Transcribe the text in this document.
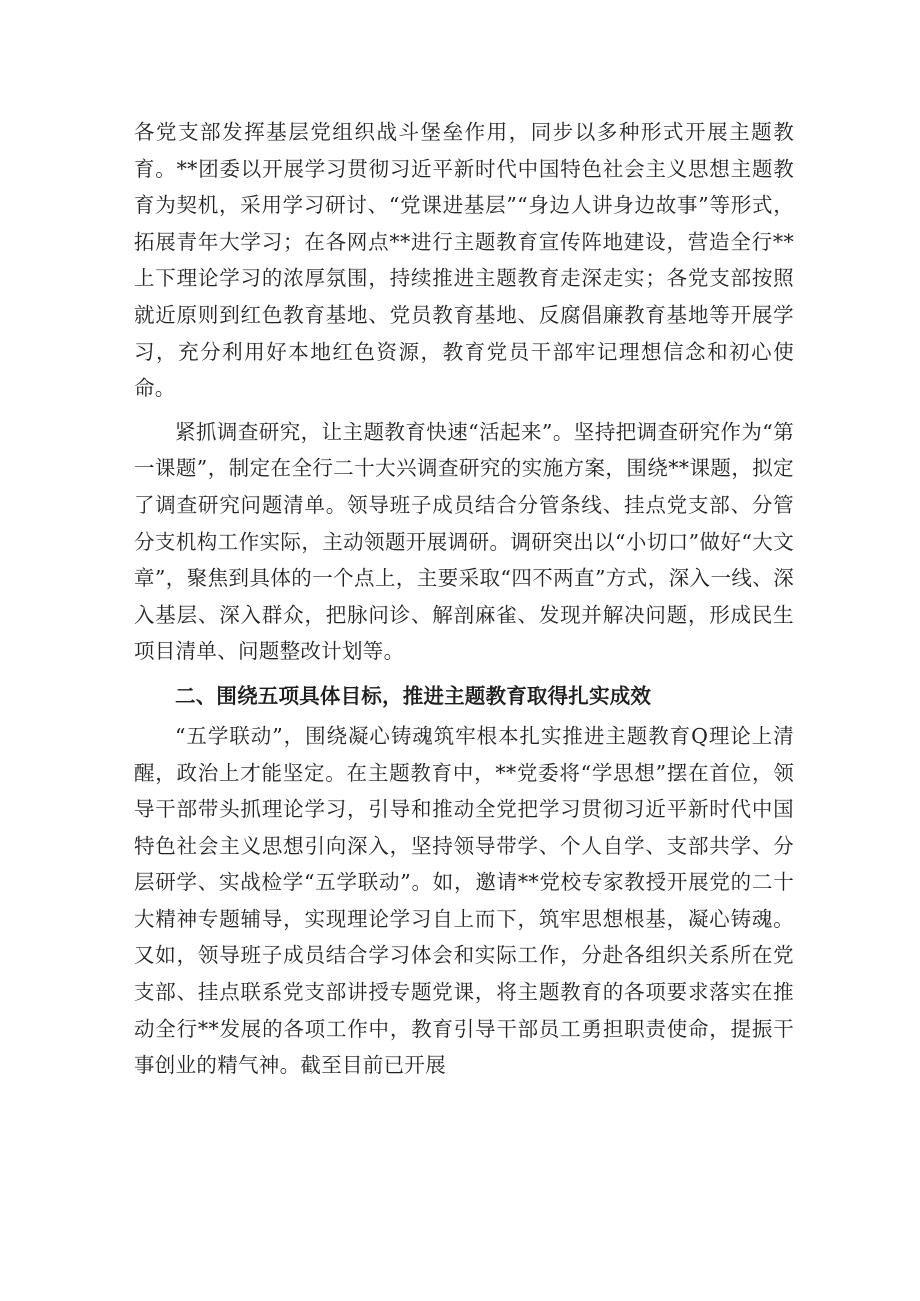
各党支部发挥基层党组织战斗堡垒作用，同步以多种形式开展主题教育。**团委以开展学习贯彻习近平新时代中国特色社会主义思想主题教育为契机，采用学习研讨、“党课进基层”“身边人讲身边故事”等形式，拓展青年大学习；在各网点**进行主题教育宣传阵地建设，营造全行**上下理论学习的浓厚氛围，持续推进主题教育走深走实；各党支部按照就近原则到红色教育基地、党员教育基地、反腐倡廉教育基地等开展学习，充分利用好本地红色资源，教育党员干部牢记理想信念和初心使命。

紧抓调查研究，让主题教育快速“活起来”。坚持把调查研究作为“第一课题”，制定在全行二十大兴调查研究的实施方案，围绕**课题，拟定了调查研究问题清单。领导班子成员结合分管条线、挂点党支部、分管分支机构工作实际，主动领题开展调研。调研突出以“小切口”做好“大文章”，聚焦到具体的一个点上，主要采取“四不两直”方式，深入一线、深入基层、深入群众，把脉问诊、解剖麻雀、发现并解决问题，形成民生项目清单、问题整改计划等。

二、围绕五项具体目标，推进主题教育取得扎实成效

“五学联动”，围绕凝心铸魂筑牢根本扎实推进主题教育Q理论上清醒，政治上才能坚定。在主题教育中，**党委将“学思想”摆在首位，领导干部带头抓理论学习，引导和推动全党把学习贯彻习近平新时代中国特色社会主义思想引向深入，坚持领导带学、个人自学、支部共学、分层研学、实战检学“五学联动”。如，邀请**党校专家教授开展党的二十大精神专题辅导，实现理论学习自上而下，筑牢思想根基，凝心铸魂。又如，领导班子成员结合学习体会和实际工作，分赴各组织关系所在党支部、挂点联系党支部讲授专题党课，将主题教育的各项要求落实在推动全行**发展的各项工作中，教育引导干部员工勇担职责使命，提振干事创业的精气神。截至目前已开展
